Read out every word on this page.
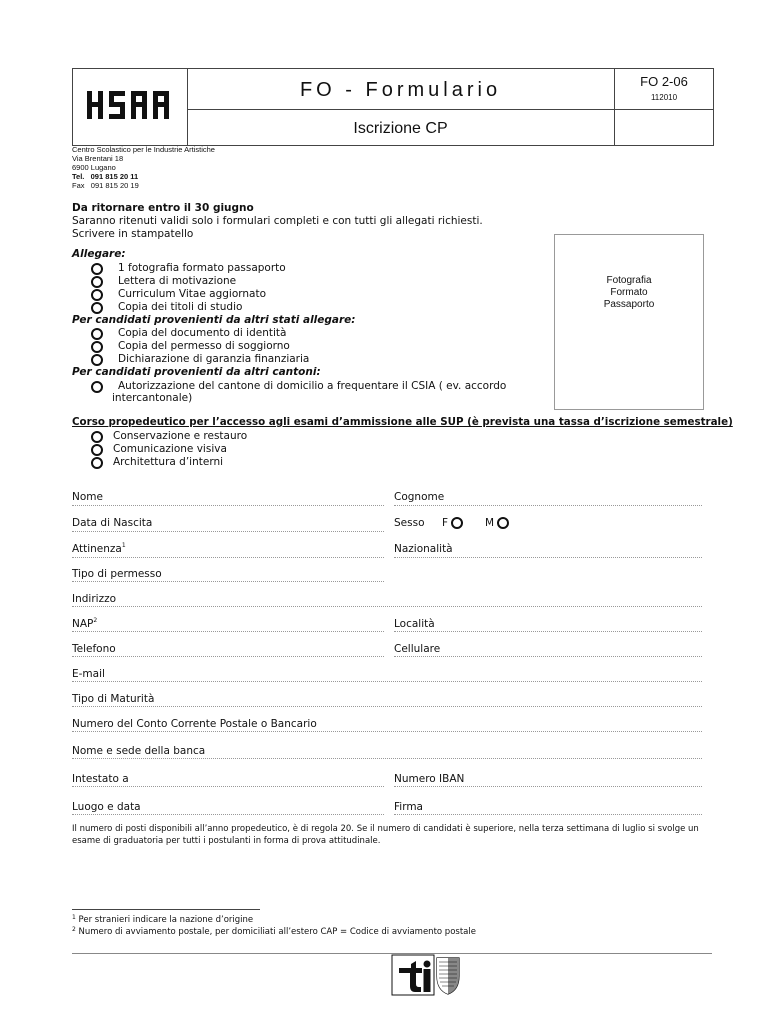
FO - Formulario
Iscrizione CP
FO 2-06
112010
Centro Scolastico per le Industrie Artistiche
Via Brentani 18
6900 Lugano
Tel. 091 815 20 11
Fax 091 815 20 19
Da ritornare entro il 30 giugno
Saranno ritenuti validi solo i formulari completi e con tutti gli allegati richiesti.
Scrivere in stampatello
Fotografia
Formato
Passaporto
Allegare:
1 fotografia formato passaporto
Lettera di motivazione
Curriculum Vitae aggiornato
Copia dei titoli di studio
Per candidati provenienti da altri stati allegare:
Copia del documento di identità
Copia del permesso di soggiorno
Dichiarazione di garanzia finanziaria
Per candidati provenienti da altri cantoni:
Autorizzazione del cantone di domicilio a frequentare il CSIA ( ev. accordo
intercantonale)
Corso propedeutico per l’accesso agli esami d’ammissione alle SUP (è prevista una tassa d’iscrizione semestrale)
Conservazione e restauro
Comunicazione visiva
Architettura d’interni
Nome	Cognome
Data di Nascita	Sesso F	M
Attinenza$^1$	Nazionalità
Tipo di permesso
Indirizzo
NAP$^2$	Località
Telefono	Cellulare
E-mail
Tipo di Maturità
Numero del Conto Corrente Postale o Bancario
Nome e sede della banca
Intestato a	Numero IBAN
Luogo e data	Firma
Il numero di posti disponibili all’anno propedeutico, è di regola 20. Se il numero di candidati è superiore, nella terza settimana di luglio si svolge un esame di graduatoria per tutti i postulanti in forma di prova attitudinale.
$^1$ Per stranieri indicare la nazione d’origine
$^2$ Numero di avviamento postale, per domiciliati all’estero CAP = Codice di avviamento postale
